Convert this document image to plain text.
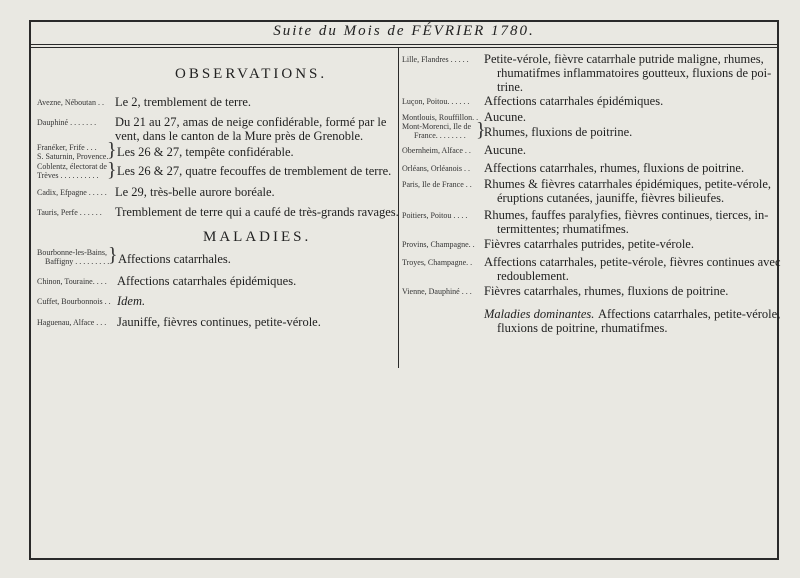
Suite du Mois de FÉVRIER 1780.
OBSERVATIONS.
Avezne, Néboutan . . Le 2, tremblement de terre.
Dauphiné . . . . . . . Du 21 au 27, amas de neige confidérable, formé par le vent, dans le canton de la Mure près de Grenoble.
Franéker, Frife . . .
S. Saturnin, Provence.
} Les 26 & 27, tempête confidérable.
Coblentz, électorat de
Trèves . . . . . . . . . . } Les 26 & 27, quatre fecouffes de tremblement de terre.
Cadix, Efpagne . . . . . Le 29, très-belle aurore boréale.
Tauris, Perfe . . . . . . Tremblement de terre qui a caufé de très-grands ravages.
MALADIES.
Bourbonne-les-Bains,
Baffigny . . . . . . . . .
} Affections catarrhales.
Chinon, Touraine. . . . Affections catarrhales épidémiques.
Cuffet, Bourbonnois . . Idem.
Haguenau, Alface . . . Jauniffe, fièvres continues, petite-vérole.
Lille, Flandres . . . . . Petite-vérole, fièvre catarrhale putride maligne, rhumes,
rhumatifmes inflammatoires goutteux, fluxions de poi-
trine.
Luçon, Poitou. . . . . . Affections catarrhales épidémiques.
Montlouis, Rouffillon. . Aucune.
Mont-Morenci, Ile de
France. . . . . . . . }
Rhumes, fluxions de poitrine.
Obernheim, Alface . . Aucune.
Orléans, Orléanois . . Affections catarrhales, rhumes, fluxions de poitrine.
Paris, Ile de France . . Rhumes & fièvres catarrhales épidémiques, petite-vérole,
éruptions cutanées, jauniffe, fièvres bilieufes.
Poitiers, Poitou . . . . Rhumes, fauffes paralyfies, fièvres continues, tierces, in-
termittentes; rhumatifmes.
Provins, Champagne. . Fièvres catarrhales putrides, petite-vérole.
Troyes, Champagne. . Affections catarrhales, petite-vérole, fièvres continues avec
redoublement.
Vienne, Dauphiné . . . Fièvres catarrhales, rhumes, fluxions de poitrine.
Maladies dominantes. Affections catarrhales, petite-vérole,
fluxions de poitrine, rhumatifmes.
